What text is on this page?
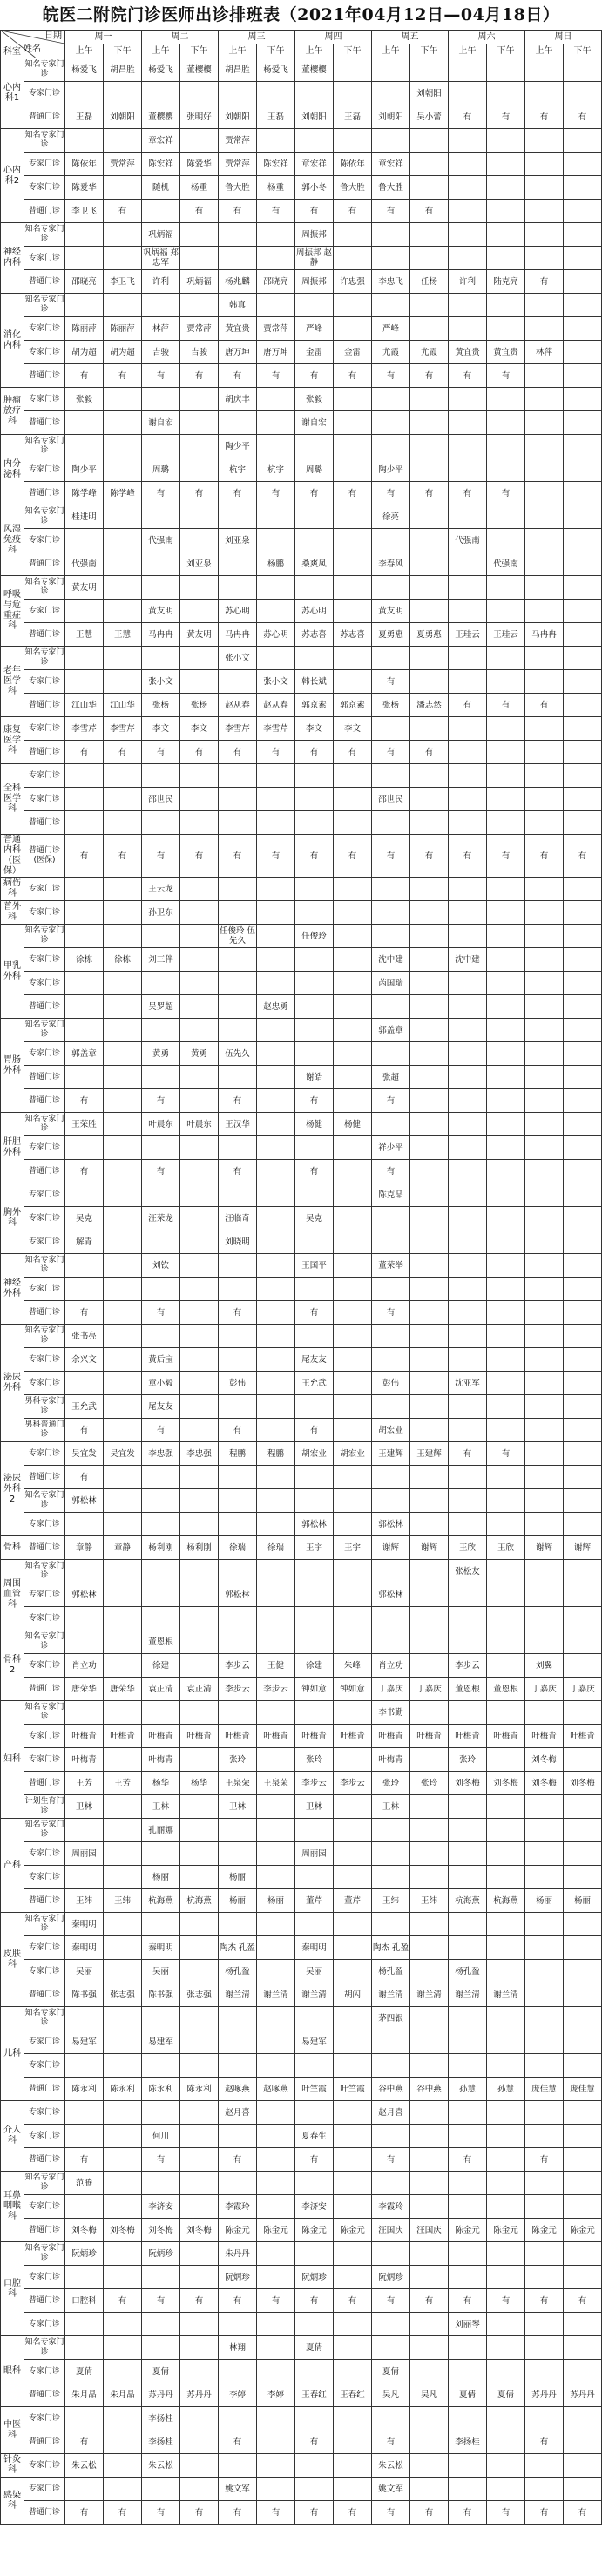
皖医二附院门诊医师出诊排班表（2021年04月12日—04月18日）
日期
姓名
科室		周一		周二		周三		周四		周五		周六		周日	
		上午	下午	上午	下午	上午	下午	上午	下午	上午	下午	上午	下午	上午	下午
心内科1	知名专家门诊	杨爱飞	胡昌胜	杨爱飞	董樱樱	胡昌胜	杨爱飞	董樱樱							
	专家门诊										刘朝阳				
	普通门诊	王磊	刘朝阳	董樱樱	张明好	刘朝阳	王磊	刘朝阳	王磊	刘朝阳	吴小蕾	有	有	有	有
心内科2	知名专家门诊			章宏祥		贾常萍									
	专家门诊	陈依年	贾常萍	陈宏祥	陈爱华	贾常萍	陈宏祥	章宏祥	陈依年	章宏祥					
	专家门诊	陈爱华		随机	杨重	鲁大胜	杨重	郭小冬	鲁大胜	鲁大胜					
	普通门诊	李卫飞	有		有	有	有	有	有	有	有				
神经内科	知名专家门诊			巩炳福				周振邦							
	专家门诊			巩炳福 郑忠军				周振邦 赵静							
	普通门诊	邵晓亮	李卫飞	许利	巩炳福	杨兆麟	邵晓亮	周振邦	许忠强	李忠飞	任杨	许利	陆克亮	有	
消化内科	知名专家门诊					韩真									
	专家门诊	陈丽萍	陈丽萍	林萍	贾常萍	黄宜贵	贾常萍	严峰		严峰					
	专家门诊	胡为超	胡为超	吉骏	吉骏	唐万坤	唐万坤	金雷	金雷	尤霞	尤霞	黄宜贵	黄宜贵	林萍	
	普通门诊	有	有	有	有	有	有	有	有	有	有	有	有		
肿瘤放疗科	专家门诊	张毅				胡庆丰		张毅							
	普通门诊			谢自宏				谢自宏							
内分泌科	知名专家门诊					陶少平									
	专家门诊	陶少平		周璐		杭宇	杭宇	周璐		陶少平					
	普通门诊	陈学峰	陈学峰	有	有	有	有	有	有	有	有	有	有		
风湿免疫科	知名专家门诊	桂进明								徐亮					
	专家门诊			代强南		刘亚泉						代强南			
	普通门诊	代强南			刘亚泉		杨鹏	桑爽凤		李春风			代强南		
呼吸与危重症科	知名专家门诊	黄友明													
	专家门诊			黄友明		苏心明		苏心明		黄友明					
	普通门诊	王慧	王慧	马冉冉	黄友明	马冉冉	苏心明	苏志喜	苏志喜	夏勇惠	夏勇惠	王珪云	王珪云	马冉冉	
老年医学科	知名专家门诊					张小文									
	专家门诊			张小文			张小文	韩长斌		有					
	普通门诊	江山华	江山华	张杨	张杨	赵从春	赵从春	郭京素	郭京素	张杨	潘志然	有	有	有	
康复医学科	专家门诊	李雪芹	李雪芹	李文	李文	李雪芹	李雪芹	李文	李文						
	普通门诊	有	有	有	有	有	有	有	有	有	有				
全科医学科	专家门诊														
	专家门诊			邵世民						邵世民					
	普通门诊														
普通内科（医保）	普通门诊(医保)	有	有	有	有	有	有	有	有	有	有	有	有	有	有
病伤科	专家门诊			王云龙											
普外科	专家门诊			孙卫东											
甲乳外科	知名专家门诊					任俊玲 伍先久		任俊玲							
	专家门诊	徐栋	徐栋	刘三伴						沈中建		沈中建			
	专家门诊									芮国瑞					
	普通门诊			吴罗超			赵忠勇								
胃肠外科	知名专家门诊									郭盖章					
	专家门诊	郭盖章		黄勇	黄勇	伍先久									
	普通门诊							谢皓		张超					
	普通门诊	有		有		有		有		有					
肝胆外科	知名专家门诊	王荣胜		叶晨东	叶晨东	王汉华		杨健	杨健						
	专家门诊									祥少平					
	普通门诊	有		有		有		有		有					
胸外科	专家门诊									陈克品					
	专家门诊	吴克		汪荣龙		汪临奇		吴克							
	专家门诊	解青				刘晓明									
神经外科	知名专家门诊			刘钦				王国平		董荣举					
	专家门诊														
	普通门诊	有		有		有		有		有					
泌尿外科	知名专家门诊	张书亮													
	专家门诊	余兴文		黄后宝				尾友友							
	专家门诊			章小毅		彭伟		王允武		彭伟		沈亚军			
	男科专家门诊	王允武		尾友友											
	男科普通门诊	有		有		有		有		胡宏业					
泌尿外科2	专家门诊	吴宜发	吴宜发	李忠强	李忠强	程鹏	程鹏	胡宏业	胡宏业	王建辉	王建辉	有	有		
	普通门诊	有													
	知名专家门诊	郭松林													
	专家门诊							郭松林		郭松林					
骨科	普通门诊	章静	章静	杨利刚	杨利刚	徐瑞	徐瑞	王宇	王宇	谢辉	谢辉	王欣	王欣	谢辉	谢辉
周围血管科	知名专家门诊											张松友			
	专家门诊	郭松林				郭松林				郭松林					
	专家门诊														
骨科2	知名专家门诊			董恩根											
	专家门诊	肖立功		徐建		李步云	王健	徐建	朱峰	肖立功		李步云		刘翼	
	普通门诊	唐荣华	唐荣华	袁正清	袁正清	李步云	李步云	钟如意	钟如意	丁嘉庆	丁嘉庆	董恩根	董恩根	丁嘉庆	丁嘉庆
妇科	知名专家门诊									李书勤					
	专家门诊	叶梅青	叶梅青	叶梅青	叶梅青	叶梅青	叶梅青	叶梅青	叶梅青	叶梅青	叶梅青	叶梅青	叶梅青	叶梅青	叶梅青
	专家门诊	叶梅青		叶梅青		张玲		张玲		叶梅青		张玲		刘冬梅	
	普通门诊	王芳	王芳	杨华	杨华	王泉荣	王泉荣	李步云	李步云	张玲	张玲	刘冬梅	刘冬梅	刘冬梅	刘冬梅
	计划生育门诊	卫林		卫林		卫林		卫林		卫林					
产科	知名专家门诊			孔丽娜											
	专家门诊	周丽园						周丽园							
	专家门诊			杨丽		杨丽									
	普通门诊	王纬	王纬	杭海燕	杭海燕	杨丽	杨丽	董芹	董芹	王纬	王纬	杭海燕	杭海燕	杨丽	杨丽
皮肤科	知名专家门诊	秦明明													
	专家门诊	秦明明		秦明明		陶杰 孔盈		秦明明		陶杰 孔盈					
	专家门诊	吴丽		吴丽		杨孔盈		吴丽		杨孔盈		杨孔盈			
	普通门诊	陈书强	张志强	陈书强	张志强	谢兰清	谢兰清	谢兰清	胡闪	谢兰清	谢兰清	谢兰清	谢兰清		
儿科	知名专家门诊									茅四银					
	专家门诊	易建军		易建军				易建军							
	专家门诊														
	普通门诊	陈永利	陈永利	陈永利	陈永利	赵啄燕	赵啄燕	叶竺霞	叶竺霞	谷中燕	谷中燕	孙慧	孙慧	庞佳慧	庞佳慧
介入科	专家门诊					赵月喜				赵月喜					
	专家门诊			何川				夏春生							
	普通门诊	有		有		有		有		有		有		有	
耳鼻咽喉科	知名专家门诊	范腾													
	专家门诊			李济安		李霞玲		李济安		李霞玲					
	普通门诊	刘冬梅	刘冬梅	刘冬梅	刘冬梅	陈金元	陈金元	陈金元	陈金元	汪国庆	汪国庆	陈金元	陈金元	陈金元	陈金元
口腔科	知名专家门诊	阮炳珍		阮炳珍		朱丹丹									
	专家门诊					阮炳珍		阮炳珍		阮炳珍					
	普通门诊	口腔科	有	有	有	有	有	有	有	有	有	有	有	有	有
	专家门诊											刘丽琴			
眼科	知名专家门诊					林翔		夏倩							
	专家门诊	夏倩		夏倩						夏倩					
	普通门诊	朱月晶	朱月晶	苏丹丹	苏丹丹	李婷	李婷	王春红	王春红	吴凡	吴凡	夏倩	夏倩	苏丹丹	苏丹丹
中医科	专家门诊			李扬桂											
	普通门诊	有		李扬桂		有		有		有		李扬桂		有	
针灸科	专家门诊	朱云松		朱云松						朱云松					
感染科	专家门诊					姚文军				姚文军					
	普通门诊	有	有	有	有	有	有	有	有	有	有	有	有	有	有
